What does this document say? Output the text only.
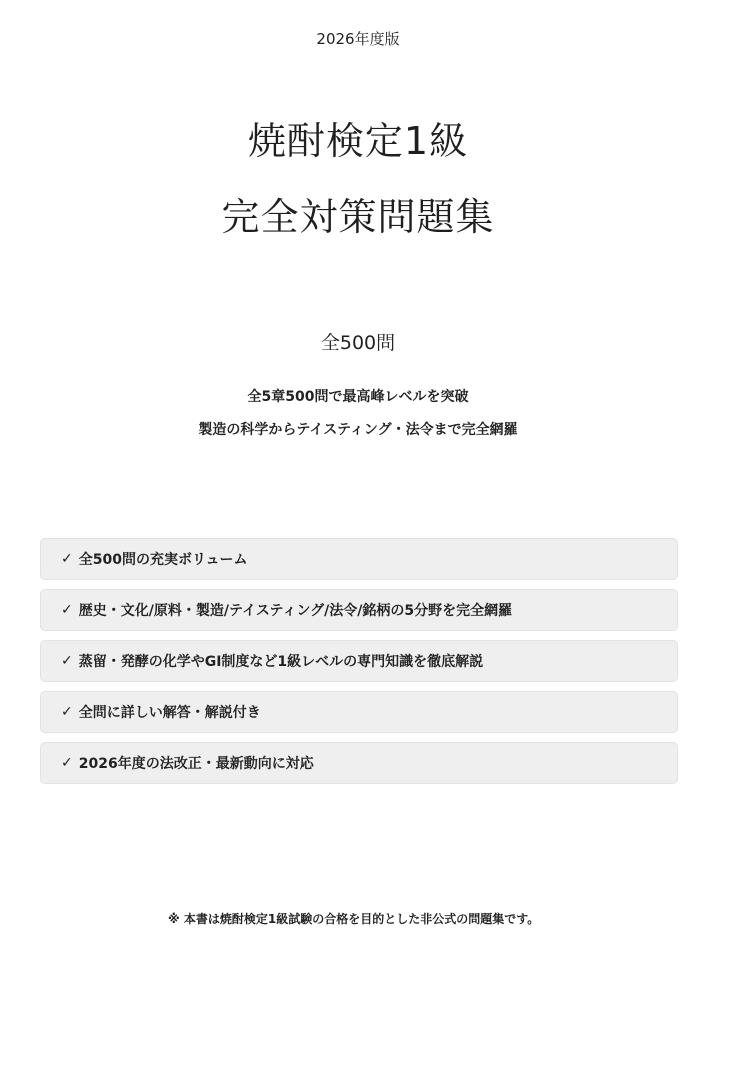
2026年度版
焼酎検定1級
完全対策問題集
全500問
全5章500問で最高峰レベルを突破
製造の科学からテイスティング・法令まで完全網羅
✓ 全500問の充実ボリューム
✓ 歴史・文化/原料・製造/テイスティング/法令/銘柄の5分野を完全網羅
✓ 蒸留・発酵の化学やGI制度など1級レベルの専門知識を徹底解説
✓ 全問に詳しい解答・解説付き
✓ 2026年度の法改正・最新動向に対応
※ 本書は焼酎検定1級試験の合格を目的とした非公式の問題集です。
